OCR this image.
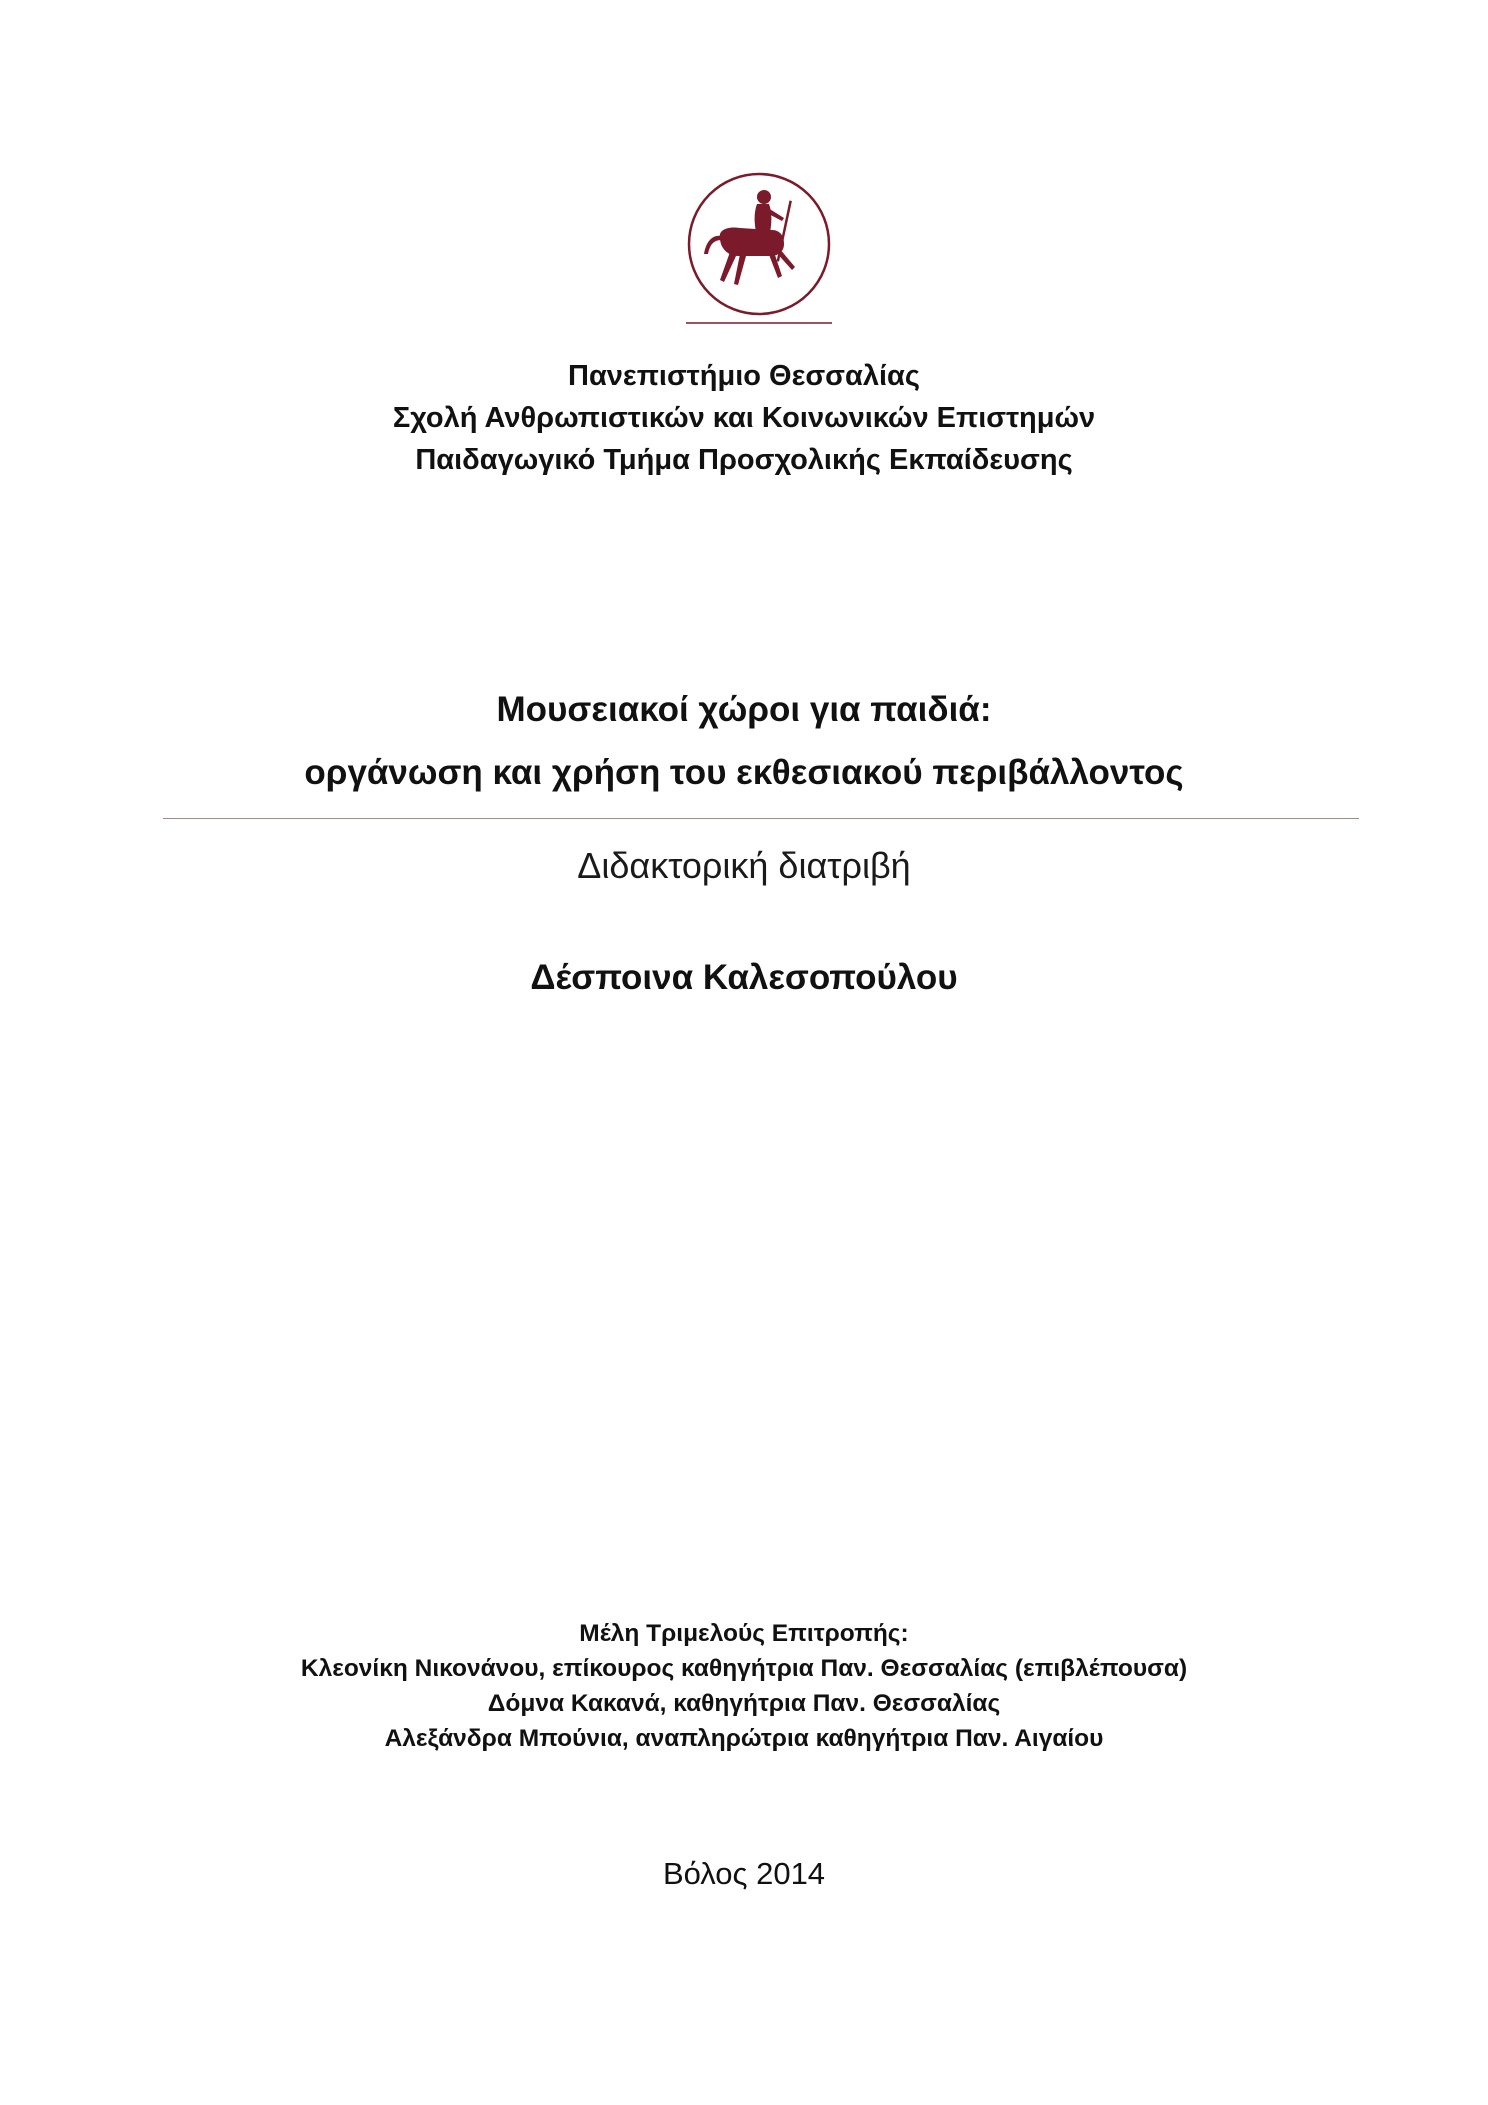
Πανεπιστήμιο Θεσσαλίας
Σχολή Ανθρωπιστικών και Κοινωνικών Επιστημών
Παιδαγωγικό Τμήμα Προσχολικής Εκπαίδευσης
Μουσειακοί χώροι για παιδιά:
οργάνωση και χρήση του εκθεσιακού περιβάλλοντος
Διδακτορική διατριβή
Δέσποινα Καλεσοπούλου
Μέλη Τριμελούς Επιτροπής:
Κλεονίκη Νικονάνου, επίκουρος καθηγήτρια Παν. Θεσσαλίας (επιβλέπουσα)
Δόμνα Κακανά, καθηγήτρια Παν. Θεσσαλίας
Αλεξάνδρα Μπούνια, αναπληρώτρια καθηγήτρια Παν. Αιγαίου
Βόλος 2014
